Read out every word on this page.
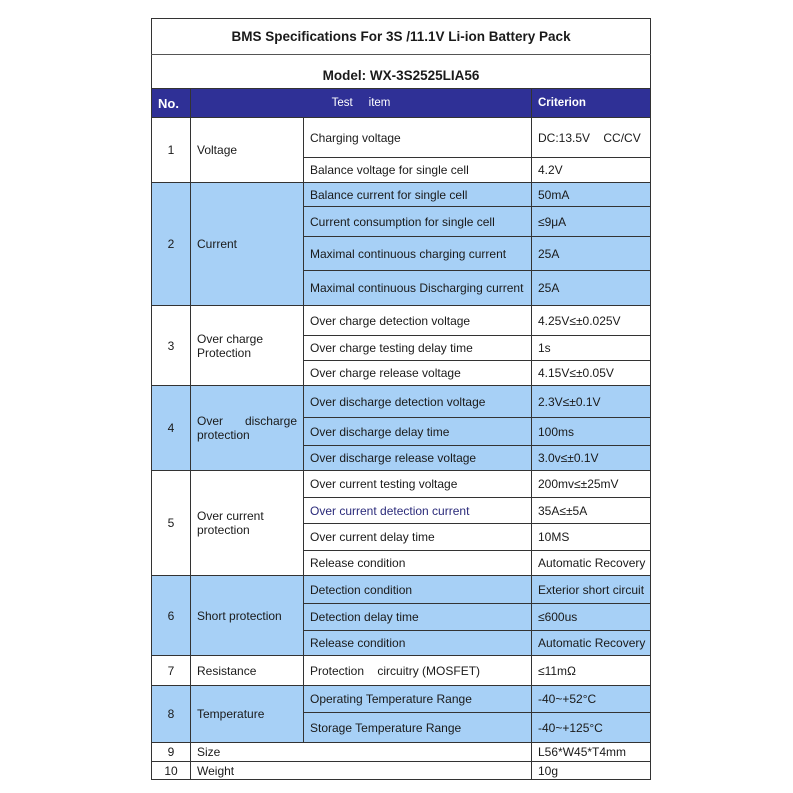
BMS Specifications For 3S /11.1V Li-ion Battery Pack			
Model: WX-3S2525LIA56			
No.	Test     item		Criterion
1	Voltage	Charging voltage	DC:13.5V    CC/CV
		Balance voltage for single cell	4.2V
2	Current	Balance current for single cell	50mA
		Current consumption for single cell	≤9μA
		Maximal continuous charging current	25A
		Maximal continuous Discharging current	25A
3	Over charge Protection	Over charge detection voltage	4.25V≤±0.025V
		Over charge testing delay time	1s
		Over charge release voltage	4.15V≤±0.05V
4	Over discharge protection	Over discharge detection voltage	2.3V≤±0.1V
		Over discharge delay time	100ms
		Over discharge release voltage	3.0v≤±0.1V
5	Over current protection	Over current testing voltage	200mv≤±25mV
		Over current detection current	35A≤±5A
		Over current delay time	10MS
		Release condition	Automatic Recovery
6	Short protection	Detection condition	Exterior short circuit
		Detection delay time	≤600us
		Release condition	Automatic Recovery
7	Resistance	Protection    circuitry (MOSFET)	≤11mΩ
8	Temperature	Operating Temperature Range	-40~+52°C
		Storage Temperature Range	-40~+125°C
9	Size		L56*W45*T4mm
10	Weight		10g
